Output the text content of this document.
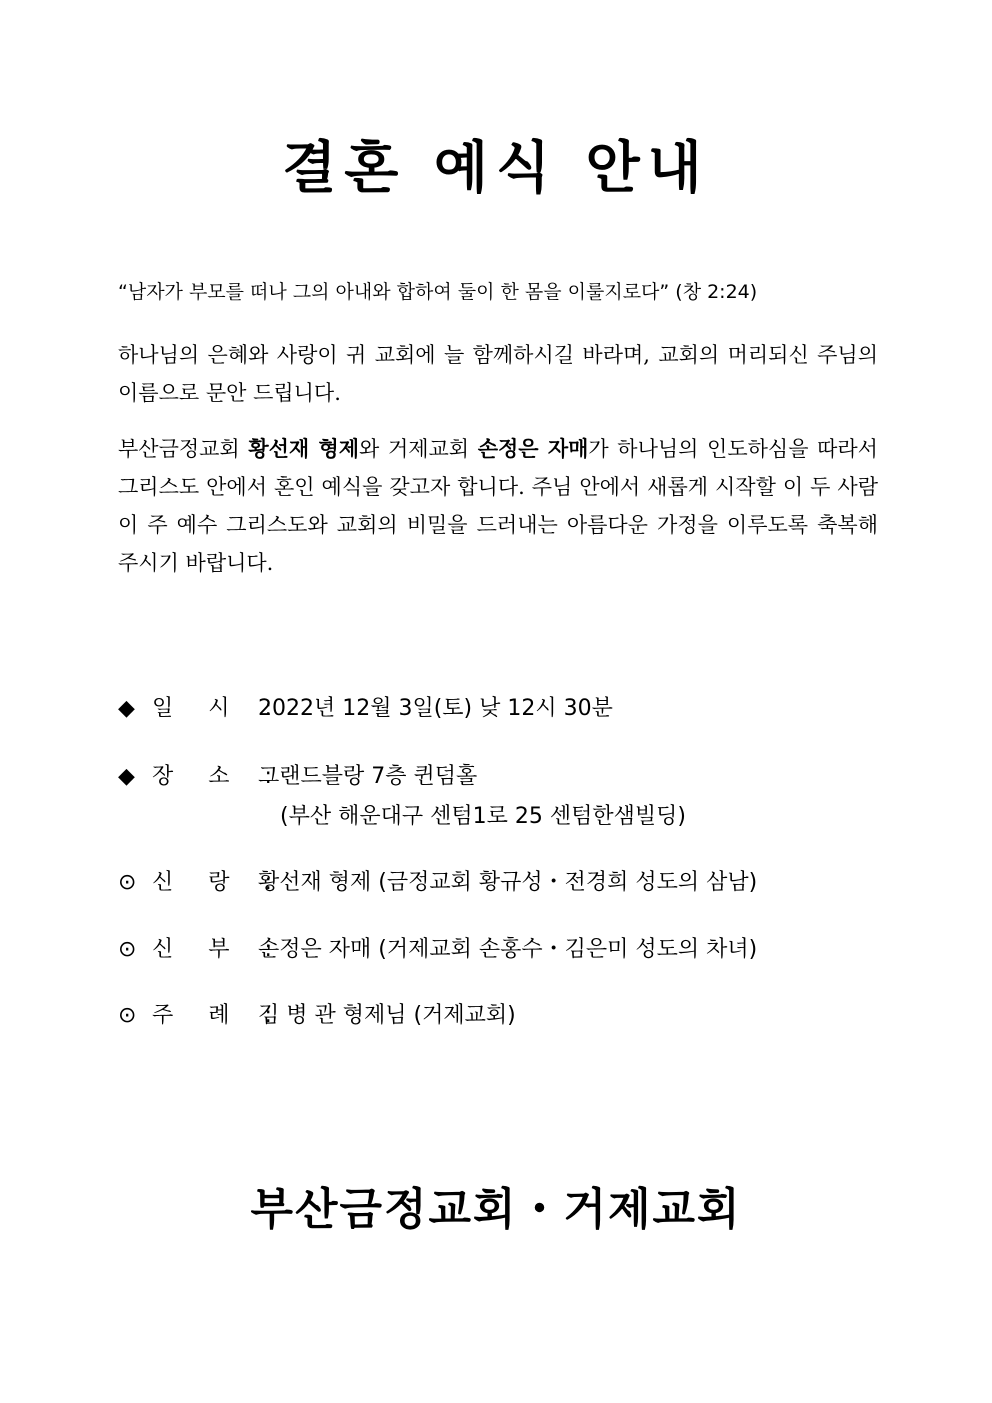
결혼 예식 안내
“남자가 부모를 떠나 그의 아내와 합하여 둘이 한 몸을 이룰지로다” (창 2:24)

하나님의 은혜와 사랑이 귀 교회에 늘 함께하시길 바라며, 교회의 머리되신 주님의 이름으로 문안 드립니다.

부산금정교회 황선재 형제와 거제교회 손정은 자매가 하나님의 인도하심을 따라서 그리스도 안에서 혼인 예식을 갖고자 합니다. 주님 안에서 새롭게 시작할 이 두 사람이 주 예수 그리스도와 교회의 비밀을 드러내는 아름다운 가정을 이루도록 축복해 주시기 바랍니다.

◆ 일 시 :2022년 12월 3일(토) 낮 12시 30분
◆ 장 소 :그랜드블랑 7층 퀸덤홀
(부산 해운대구 센텀1로 25 센텀한샘빌딩)
⊙ 신 랑 :황선재 형제 (금정교회 황규성・전경희 성도의 삼남)
⊙ 신 부 :손정은 자매 (거제교회 손홍수・김은미 성도의 차녀)
⊙ 주 례 :김 병 관 형제님 (거제교회)
부산금정교회・거제교회
